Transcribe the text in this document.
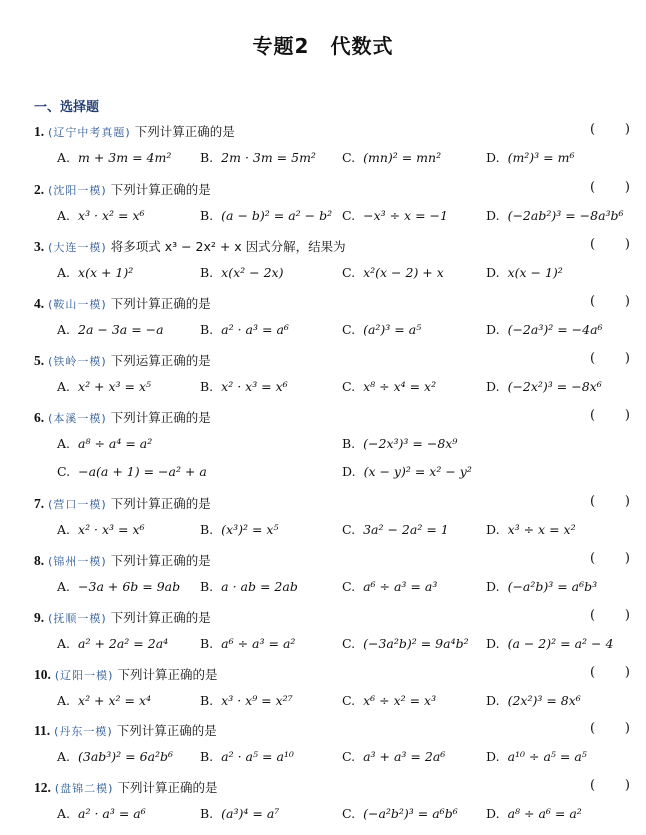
专题2　代数式
一、选择题
1. (辽宁中考真题) 下列计算正确的是	( )
A. m + 3m = 4m² B. 2m · 3m = 5m² C. (mn)² = mn²	D. (m²)³ = m⁶
2. (沈阳一模) 下列计算正确的是	( )
A. x³ · x² = x⁶	B. (a − b)² = a² − b² C. −x³ ÷ x = −1	D. (−2ab²)³ = −8a³b⁶
3. (大连一模) 将多项式 x³ − 2x² + x 因式分解，结果为	( )
A. x(x + 1)²	B. x(x² − 2x)	C. x²(x − 2) + x	D. x(x − 1)²
4. (鞍山一模) 下列计算正确的是	( )
A. 2a − 3a = −a	B. a² · a³ = a⁶	C. (a²)³ = a⁵	D. (−2a³)² = −4a⁶
5. (铁岭一模) 下列运算正确的是	( )
A. x² + x³ = x⁵	B. x² · x³ = x⁶	C. x⁸ ÷ x⁴ = x²	D. (−2x²)³ = −8x⁶
6. (本溪一模) 下列计算正确的是	( )
A. a⁸ ÷ a⁴ = a²	B. (−2x³)³ = −8x⁹
C. −a(a + 1) = −a² + a	D. (x − y)² = x² − y²
7. (营口一模) 下列计算正确的是	( )
A. x² · x³ = x⁶	B. (x³)² = x⁵	C. 3a² − 2a² = 1	D. x³ ÷ x = x²
8. (锦州一模) 下列计算正确的是	( )
A. −3a + 6b = 9ab B. a · ab = 2ab	C. a⁶ ÷ a³ = a³	D. (−a²b)³ = a⁶b³
9. (抚顺一模) 下列计算正确的是	( )
A. a² + 2a² = 2a⁴	B. a⁶ ÷ a³ = a²	C. (−3a²b)² = 9a⁴b² D. (a − 2)² = a² − 4
10. (辽阳一模) 下列计算正确的是	( )
A. x² + x² = x⁴	B. x³ · x⁹ = x²⁷	C. x⁶ ÷ x² = x³	D. (2x²)³ = 8x⁶
11. (丹东一模) 下列计算正确的是	( )
A. (3ab³)² = 6a²b⁶ B. a² · a⁵ = a¹⁰	C. a³ + a³ = 2a⁶	D. a¹⁰ ÷ a⁵ = a⁵
12. (盘锦二模) 下列计算正确的是	( )
A. a² · a³ = a⁶	B. (a³)⁴ = a⁷	C. (−a²b²)³ = a⁶b⁶ D. a⁸ ÷ a⁶ = a²
